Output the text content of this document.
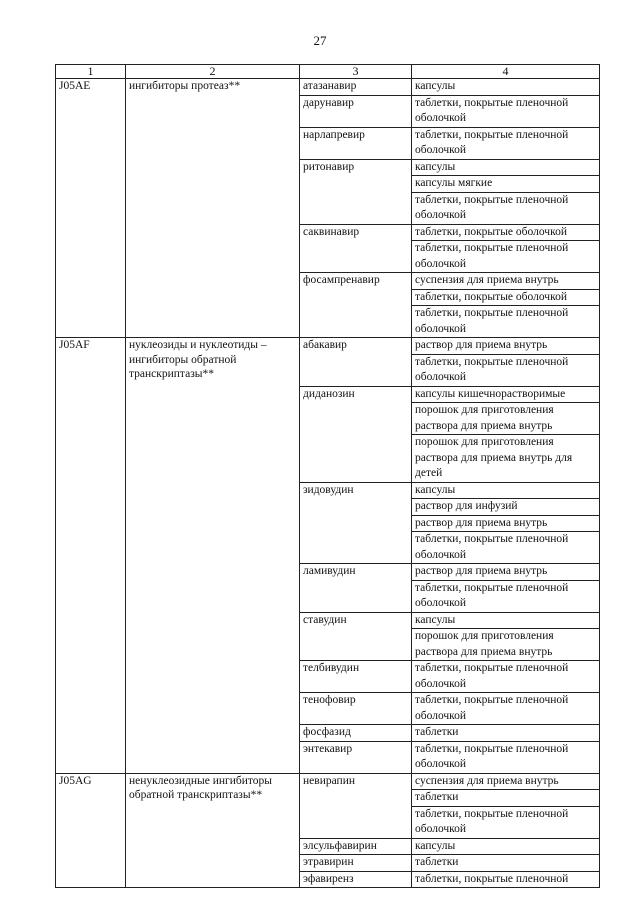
27
1	2	3	4
J05AE	ингибиторы протеаз**	атазанавир	капсулы
		дарунавир	таблетки, покрытые пленочной оболочкой
		нарлапревир	таблетки, покрытые пленочной оболочкой
		ритонавир	капсулы
			капсулы мягкие
			таблетки, покрытые пленочной оболочкой
		саквинавир	таблетки, покрытые оболочкой
			таблетки, покрытые пленочной оболочкой
		фосампренавир	суспензия для приема внутрь
			таблетки, покрытые оболочкой
			таблетки, покрытые пленочной оболочкой
J05AF	нуклеозиды и нуклеотиды – ингибиторы обратной транскриптазы**	абакавир	раствор для приема внутрь
			таблетки, покрытые пленочной оболочкой
		диданозин	капсулы кишечнорастворимые
			порошок для приготовления раствора для приема внутрь
			порошок для приготовления раствора для приема внутрь для детей
		зидовудин	капсулы
			раствор для инфузий
			раствор для приема внутрь
			таблетки, покрытые пленочной оболочкой
		ламивудин	раствор для приема внутрь
			таблетки, покрытые пленочной оболочкой
		ставудин	капсулы
			порошок для приготовления раствора для приема внутрь
		телбивудин	таблетки, покрытые пленочной оболочкой
		тенофовир	таблетки, покрытые пленочной оболочкой
		фосфазид	таблетки
		энтекавир	таблетки, покрытые пленочной оболочкой
J05AG	ненуклеозидные ингибиторы обратной транскриптазы**	невирапин	суспензия для приема внутрь
			таблетки
			таблетки, покрытые пленочной оболочкой
		элсульфавирин	капсулы
		этравирин	таблетки
		эфавиренз	таблетки, покрытые пленочной
